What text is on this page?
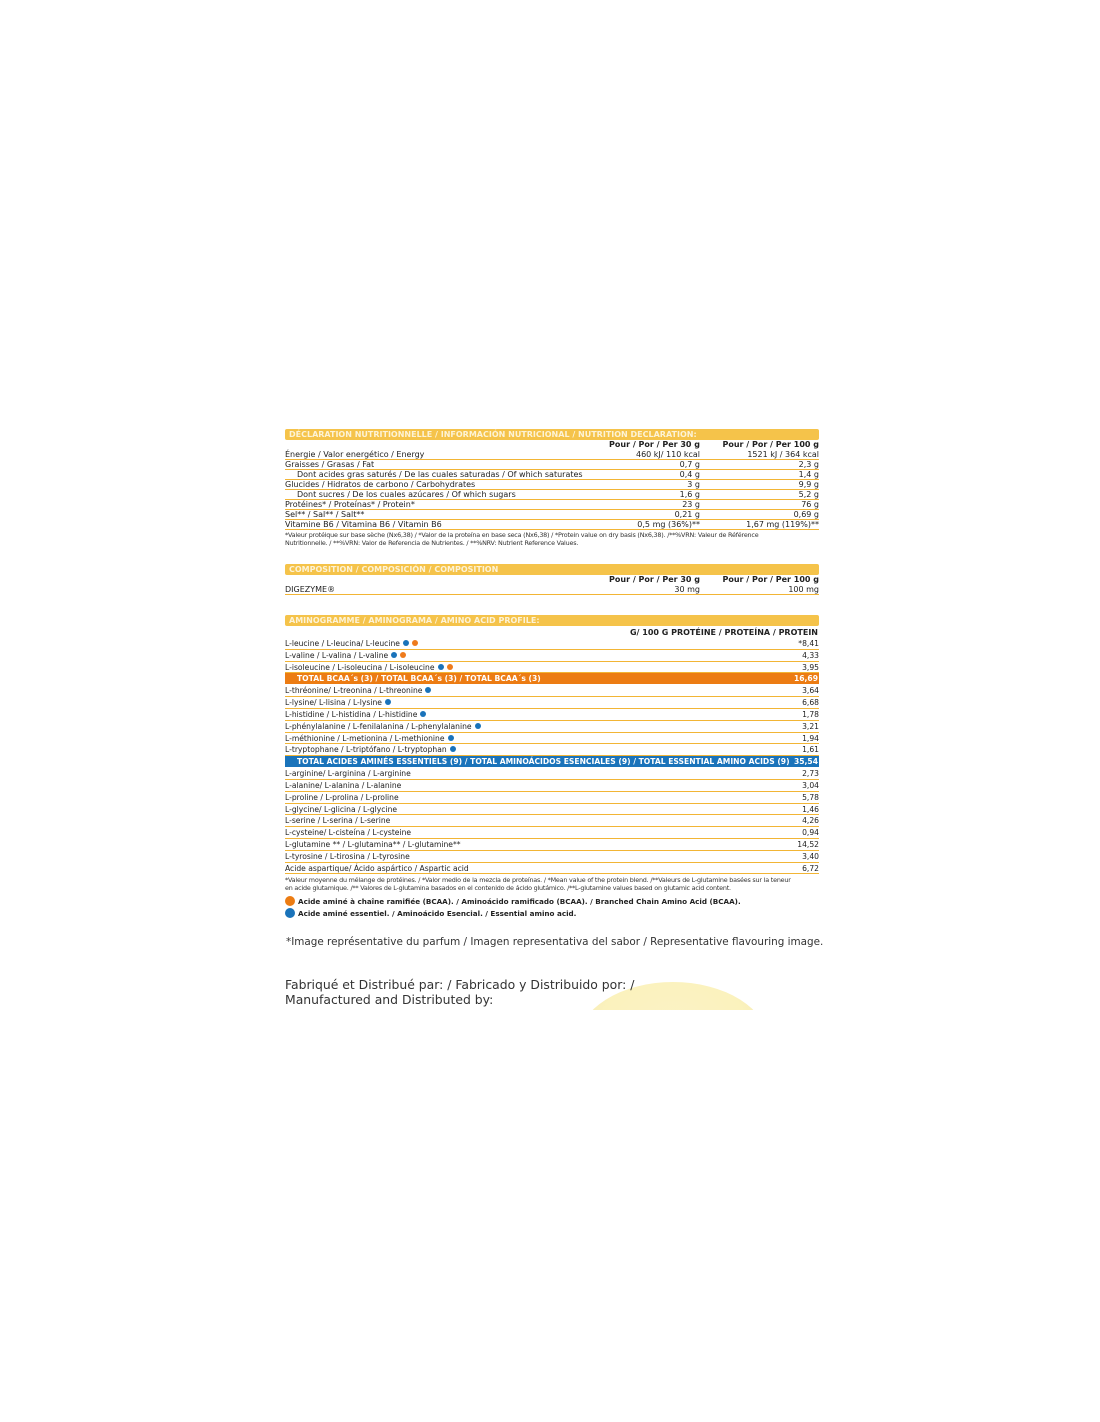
DÉCLARATION NUTRITIONNELLE / INFORMACIÓN NUTRICIONAL / NUTRITION DECLARATION:
Pour / Por / Per 30 g	Pour / Por / Per 100 g
Énergie / Valor energético / Energy	460 kJ/ 110 kcal	1521 kJ / 364 kcal
Graisses / Grasas / Fat	0,7 g	2,3 g
Dont acides gras saturés / De las cuales saturadas / Of which saturates	0,4 g	1,4 g
Glucides / Hidratos de carbono / Carbohydrates	3 g	9,9 g
Dont sucres / De los cuales azúcares / Of which sugars	1,6 g	5,2 g
Protéines* / Proteínas* / Protein*	23 g	76 g
Sel** / Sal** / Salt**	0,21 g	0,69 g
Vitamine B6 / Vitamina B6 / Vitamin B6	0,5 mg (36%)**	1,67 mg (119%)**
*Valeur protéique sur base sèche (Nx6,38) / *Valor de la proteína en base seca (Nx6,38) / *Protein value on dry basis (Nx6,38). /**%VRN: Valeur de Référence
Nutritionnelle. / **%VRN: Valor de Referencia de Nutrientes. / **%NRV: Nutrient Reference Values.
COMPOSITION / COMPOSICIÓN / COMPOSITION
Pour / Por / Per 30 g	Pour / Por / Per 100 g
DIGEZYME®	30 mg	100 mg
AMINOGRAMME / AMINOGRAMA / AMINO ACID PROFILE:
G/ 100 G PROTÉINE / PROTEÍNA / PROTEIN
L-leucine / L-leucina/ L-leucine	*8,41
L-valine / L-valina / L-valine	4,33
L-isoleucine / L-isoleucina / L-isoleucine	3,95
TOTAL BCAA´s (3) / TOTAL BCAA´s (3) / TOTAL BCAA´s (3)	16,69
L-thréonine/ L-treonina / L-threonine	3,64
L-lysine/ L-lisina / L-lysine	6,68
L-histidine / L-histidina / L-histidine	1,78
L-phénylalanine / L-fenilalanina / L-phenylalanine	3,21
L-méthionine / L-metionina / L-methionine	1,94
L-tryptophane / L-triptófano / L-tryptophan	1,61
TOTAL ACIDES AMINÉS ESSENTIELS (9) / TOTAL AMINOÁCIDOS ESENCIALES (9) / TOTAL ESSENTIAL AMINO ACIDS (9) 35,54
L-arginine/ L-arginina / L-arginine	2,73
L-alanine/ L-alanina / L-alanine	3,04
L-proline / L-prolina / L-proline	5,78
L-glycine/ L-glicina / L-glycine	1,46
L-serine / L-serina / L-serine	4,26
L-cysteine/ L-cisteína / L-cysteine	0,94
L-glutamine ** / L-glutamina** / L-glutamine**	14,52
L-tyrosine / L-tirosina / L-tyrosine	3,40
Acide aspartique/ Ácido aspártico / Aspartic acid	6,72
*Valeur moyenne du mélange de protéines. / *Valor medio de la mezcla de proteínas. / *Mean value of the protein blend. /**Valeurs de L-glutamine basées sur la teneur
en acide glutamique. /** Valores de L-glutamina basados en el contenido de ácido glutámico. /**L-glutamine values based on glutamic acid content.
Acide aminé à chaîne ramifiée (BCAA). / Aminoácido ramificado (BCAA). / Branched Chain Amino Acid (BCAA).
Acide aminé essentiel. / Aminoácido Esencial. / Essential amino acid.
*Image représentative du parfum / Imagen representativa del sabor / Representative flavouring image.
Fabriqué et Distribué par: / Fabricado y Distribuido por: /
Manufactured and Distributed by:
